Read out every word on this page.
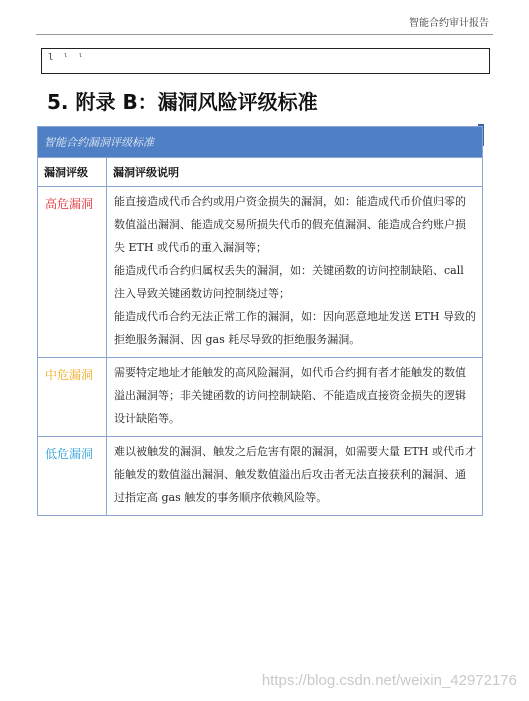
智能合约审计报告
l ˡ ˡ
5. 附录 B：漏洞风险评级标准
智能合约漏洞评级标准	
漏洞评级	漏洞评级说明
高危漏洞	能直接造成代币合约或用户资金损失的漏洞，如：能造成代币价值归零的数值溢出漏洞、能造成交易所损失代币的假充值漏洞、能造成合约账户损失 ETH 或代币的重入漏洞等；

能造成代币合约归属权丢失的漏洞，如：关键函数的访问控制缺陷、call 注入导致关键函数访问控制绕过等；

能造成代币合约无法正常工作的漏洞，如：因向恶意地址发送 ETH 导致的拒绝服务漏洞、因 gas 耗尽导致的拒绝服务漏洞。

中危漏洞	需要特定地址才能触发的高风险漏洞，如代币合约拥有者才能触发的数值溢出漏洞等；非关键函数的访问控制缺陷、不能造成直接资金损失的逻辑设计缺陷等。

低危漏洞	难以被触发的漏洞、触发之后危害有限的漏洞，如需要大量 ETH 或代币才能触发的数值溢出漏洞、触发数值溢出后攻击者无法直接获利的漏洞、通过指定高 gas 触发的事务顺序依赖风险等。

https://blog.csdn.net/weixin_42972176
